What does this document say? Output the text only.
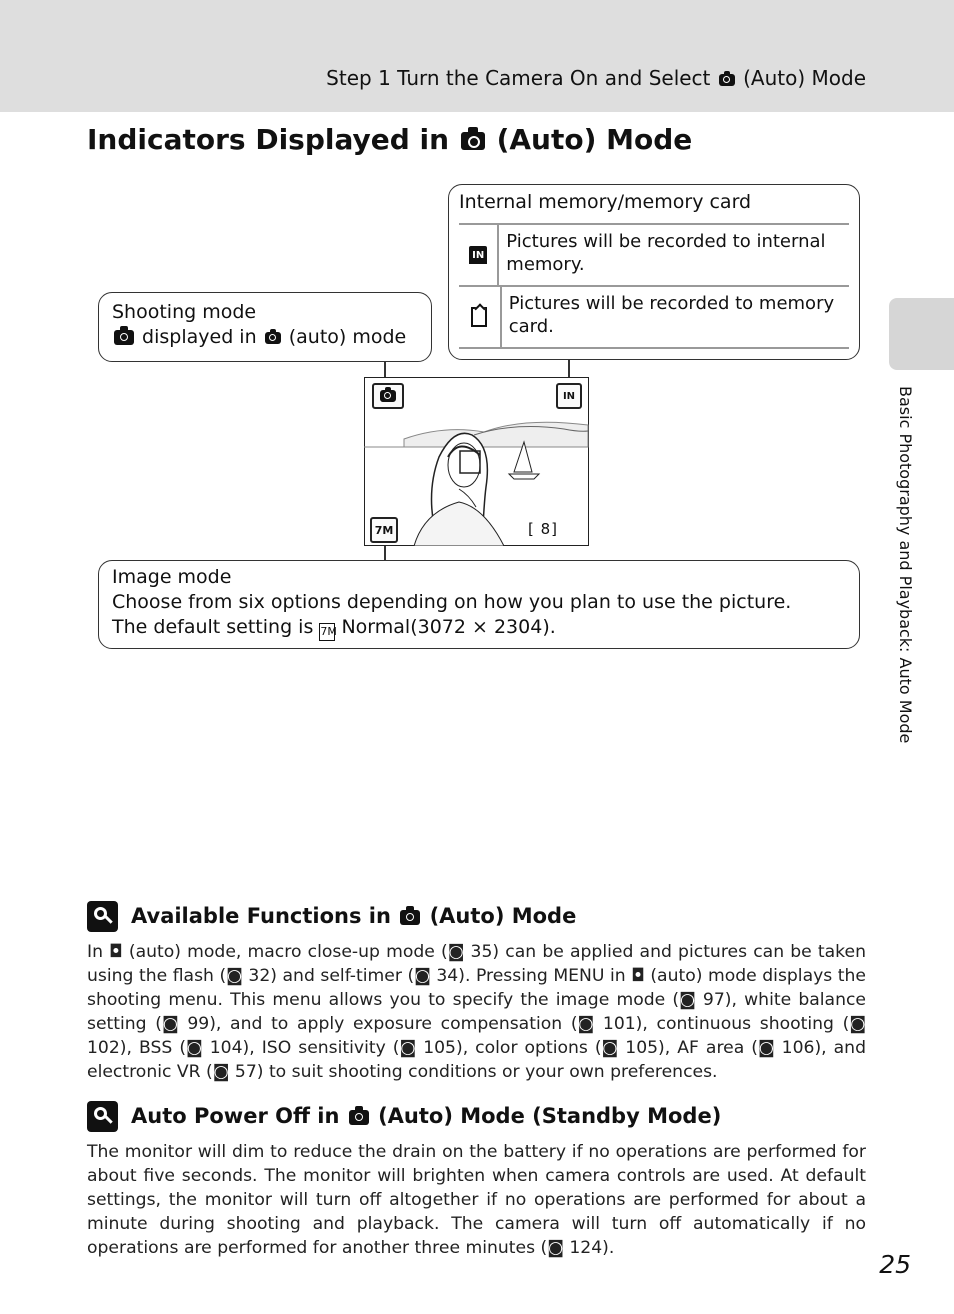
Step 1 Turn the Camera On and Select (Auto) Mode
Indicators Displayed in (Auto) Mode
Basic Photography and Playback: Auto Mode
Internal memory/memory card
IN
Pictures will be recorded to internal memory.
Pictures will be recorded to memory card.
Shooting mode
displayed in (auto) mode
IN
7M	[ 8]
Image mode
Choose from six options depending on how you plan to use the picture.
The default setting is 7M Normal(3072 × 2304).
Available Functions in (Auto) Mode
In ◘ (auto) mode, macro close-up mode (◙ 35) can be applied and pictures can be taken using the flash (◙ 32) and self-timer (◙ 34). Pressing MENU in ◘ (auto) mode displays the shooting menu. This menu allows you to specify the image mode (◙ 97), white balance setting (◙ 99), and to apply exposure compensation (◙ 101), continuous shooting (◙ 102), BSS (◙ 104), ISO sensitivity (◙ 105), color options (◙ 105), AF area (◙ 106), and electronic VR (◙ 57) to suit shooting conditions or your own preferences.
Auto Power Off in (Auto) Mode (Standby Mode)
The monitor will dim to reduce the drain on the battery if no operations are performed for about five seconds. The monitor will brighten when camera controls are used. At default settings, the monitor will turn off altogether if no operations are performed for about a minute during shooting and playback. The camera will turn off automatically if no operations are performed for another three minutes (◙ 124).
25
